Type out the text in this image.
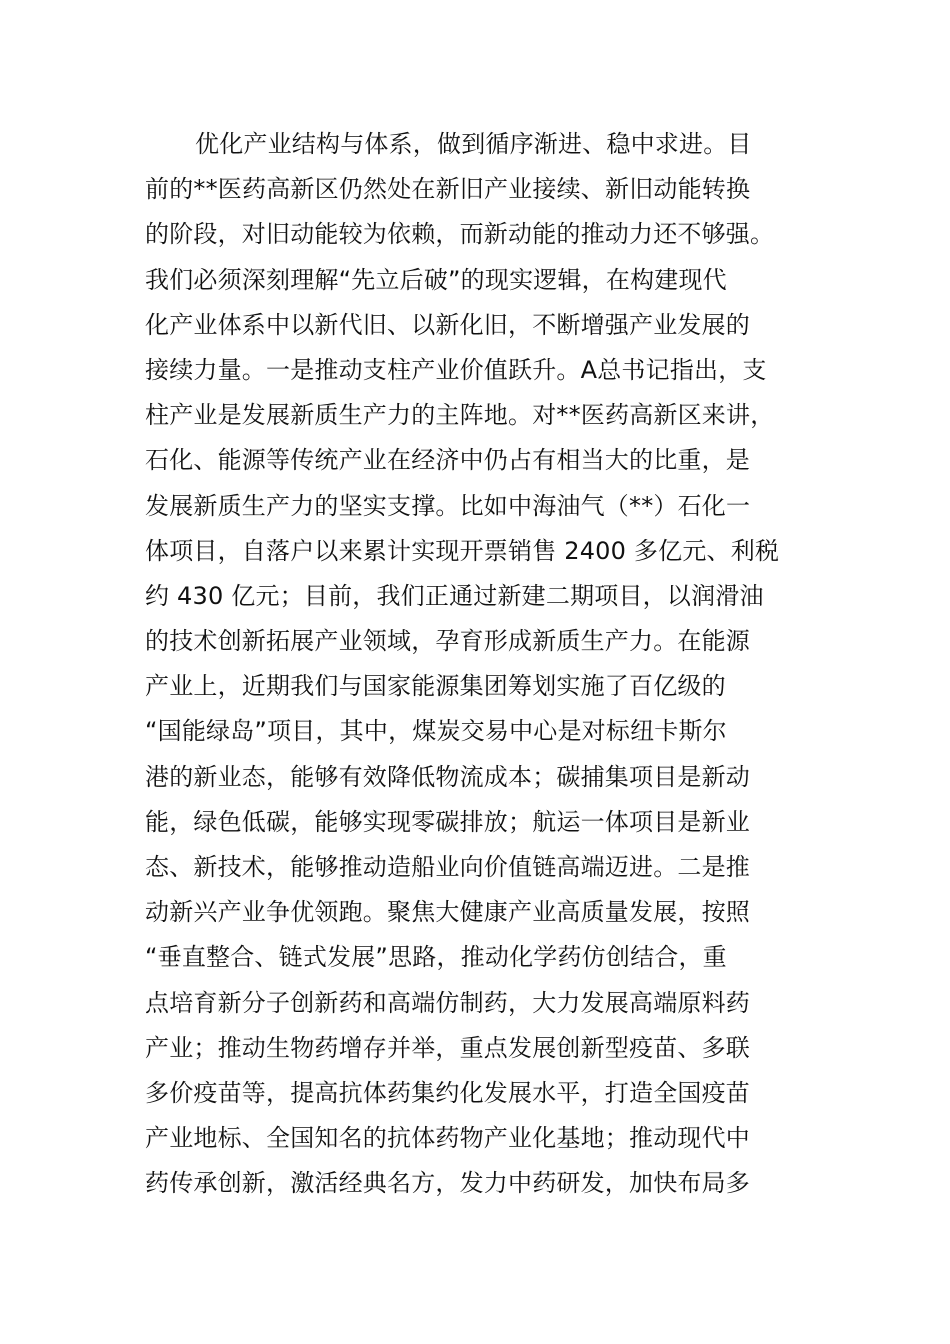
优化产业结构与体系，做到循序渐进、稳中求进。目
前的**医药高新区仍然处在新旧产业接续、新旧动能转换
的阶段，对旧动能较为依赖，而新动能的推动力还不够强。
我们必须深刻理解“先立后破”的现实逻辑，在构建现代
化产业体系中以新代旧、以新化旧，不断增强产业发展的
接续力量。一是推动支柱产业价值跃升。A总书记指出，支
柱产业是发展新质生产力的主阵地。对**医药高新区来讲，
石化、能源等传统产业在经济中仍占有相当大的比重，是
发展新质生产力的坚实支撑。比如中海油气（**）石化一
体项目，自落户以来累计实现开票销售 2400 多亿元、利税
约 430 亿元；目前，我们正通过新建二期项目，以润滑油
的技术创新拓展产业领域，孕育形成新质生产力。在能源
产业上，近期我们与国家能源集团筹划实施了百亿级的
“国能绿岛”项目，其中，煤炭交易中心是对标纽卡斯尔
港的新业态，能够有效降低物流成本；碳捕集项目是新动
能，绿色低碳，能够实现零碳排放；航运一体项目是新业
态、新技术，能够推动造船业向价值链高端迈进。二是推
动新兴产业争优领跑。聚焦大健康产业高质量发展，按照
“垂直整合、链式发展”思路，推动化学药仿创结合，重
点培育新分子创新药和高端仿制药，大力发展高端原料药
产业；推动生物药增存并举，重点发展创新型疫苗、多联
多价疫苗等，提高抗体药集约化发展水平，打造全国疫苗
产业地标、全国知名的抗体药物产业化基地；推动现代中
药传承创新，激活经典名方，发力中药研发，加快布局多
